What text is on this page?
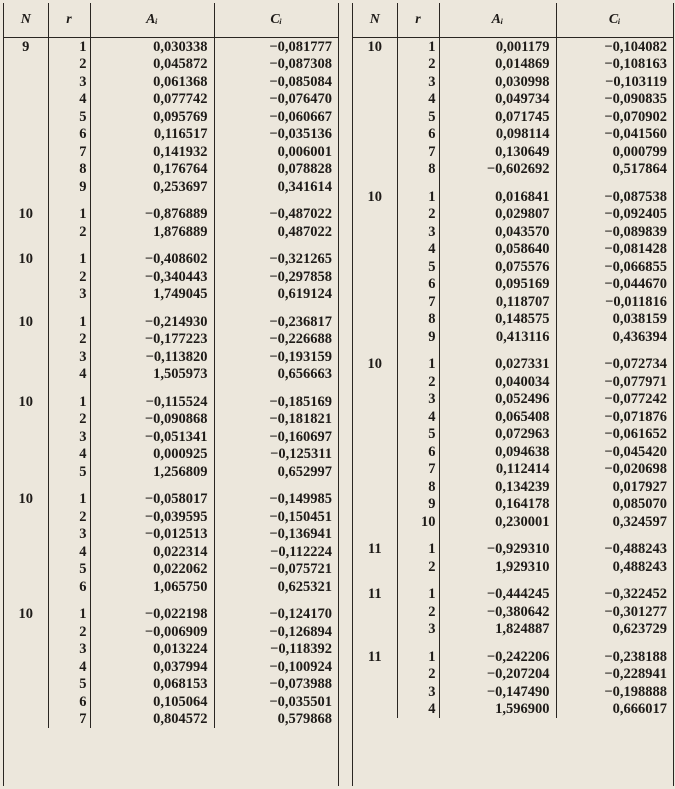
N	r	Aᵢ	Cᵢ
9	1	0,030338	−0,081777
	2	0,045872	−0,087308
	3	0,061368	−0,085084
	4	0,077742	−0,076470
	5	0,095769	−0,060667
	6	0,116517	−0,035136
	7	0,141932	0,006001
	8	0,176764	0,078828
	9	0,253697	0,341614
10	1	−0,876889	−0,487022
	2	1,876889	0,487022
10	1	−0,408602	−0,321265
	2	−0,340443	−0,297858
	3	1,749045	0,619124
10	1	−0,214930	−0,236817
	2	−0,177223	−0,226688
	3	−0,113820	−0,193159
	4	1,505973	0,656663
10	1	−0,115524	−0,185169
	2	−0,090868	−0,181821
	3	−0,051341	−0,160697
	4	0,000925	−0,125311
	5	1,256809	0,652997
10	1	−0,058017	−0,149985
	2	−0,039595	−0,150451
	3	−0,012513	−0,136941
	4	0,022314	−0,112224
	5	0,022062	−0,075721
	6	1,065750	0,625321
10	1	−0,022198	−0,124170
	2	−0,006909	−0,126894
	3	0,013224	−0,118392
	4	0,037994	−0,100924
	5	0,068153	−0,073988
	6	0,105064	−0,035501
	7	0,804572	0,579868
N	r	Aᵢ	Cᵢ
10	1	0,001179	−0,104082
	2	0,014869	−0,108163
	3	0,030998	−0,103119
	4	0,049734	−0,090835
	5	0,071745	−0,070902
	6	0,098114	−0,041560
	7	0,130649	0,000799
	8	−0,602692	0,517864
10	1	0,016841	−0,087538
	2	0,029807	−0,092405
	3	0,043570	−0,089839
	4	0,058640	−0,081428
	5	0,075576	−0,066855
	6	0,095169	−0,044670
	7	0,118707	−0,011816
	8	0,148575	0,038159
	9	0,413116	0,436394
10	1	0,027331	−0,072734
	2	0,040034	−0,077971
	3	0,052496	−0,077242
	4	0,065408	−0,071876
	5	0,072963	−0,061652
	6	0,094638	−0,045420
	7	0,112414	−0,020698
	8	0,134239	0,017927
	9	0,164178	0,085070
	10	0,230001	0,324597
11	1	−0,929310	−0,488243
	2	1,929310	0,488243
11	1	−0,444245	−0,322452
	2	−0,380642	−0,301277
	3	1,824887	0,623729
11	1	−0,242206	−0,238188
	2	−0,207204	−0,228941
	3	−0,147490	−0,198888
	4	1,596900	0,666017
